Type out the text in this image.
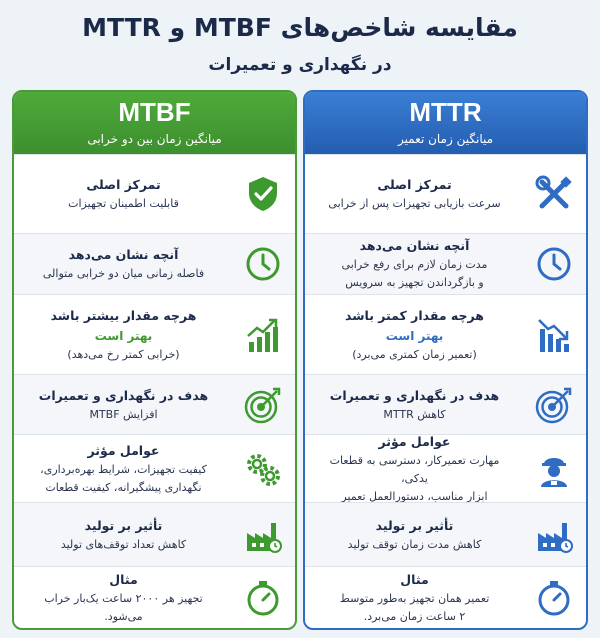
مقایسه شاخص‌های MTBF و MTTR
در نگهداری و تعمیرات
MTBF
میانگین زمان بین دو خرابی
تمرکز اصلی
قابلیت اطمینان تجهیزات
آنچه نشان می‌دهد
فاصله زمانی میان دو خرابی متوالی
هرچه مقدار بیشتر باشد
بهتر است
(خرابی کمتر رخ می‌دهد)
هدف در نگهداری و تعمیرات
افزایش MTBF
عوامل مؤثر
کیفیت تجهیزات، شرایط بهره‌برداری،
نگهداری پیشگیرانه، کیفیت قطعات
تأثیر بر تولید
کاهش تعداد توقف‌های تولید
مثال
تجهیز هر ۲۰۰۰ ساعت یک‌بار خراب می‌شود.
MTTR
میانگین زمان تعمیر
تمرکز اصلی
سرعت بازیابی تجهیزات پس از خرابی
آنچه نشان می‌دهد
مدت زمان لازم برای رفع خرابی
و بازگرداندن تجهیز به سرویس
هرچه مقدار کمتر باشد
بهتر است
(تعمیر زمان کمتری می‌برد)
هدف در نگهداری و تعمیرات
کاهش MTTR
عوامل مؤثر
مهارت تعمیرکار، دسترسی به قطعات یدکی،
ابزار مناسب، دستورالعمل تعمیر
تأثیر بر تولید
کاهش مدت زمان توقف تولید
مثال
تعمیر همان تجهیز به‌طور متوسط
۲ ساعت زمان می‌برد.
